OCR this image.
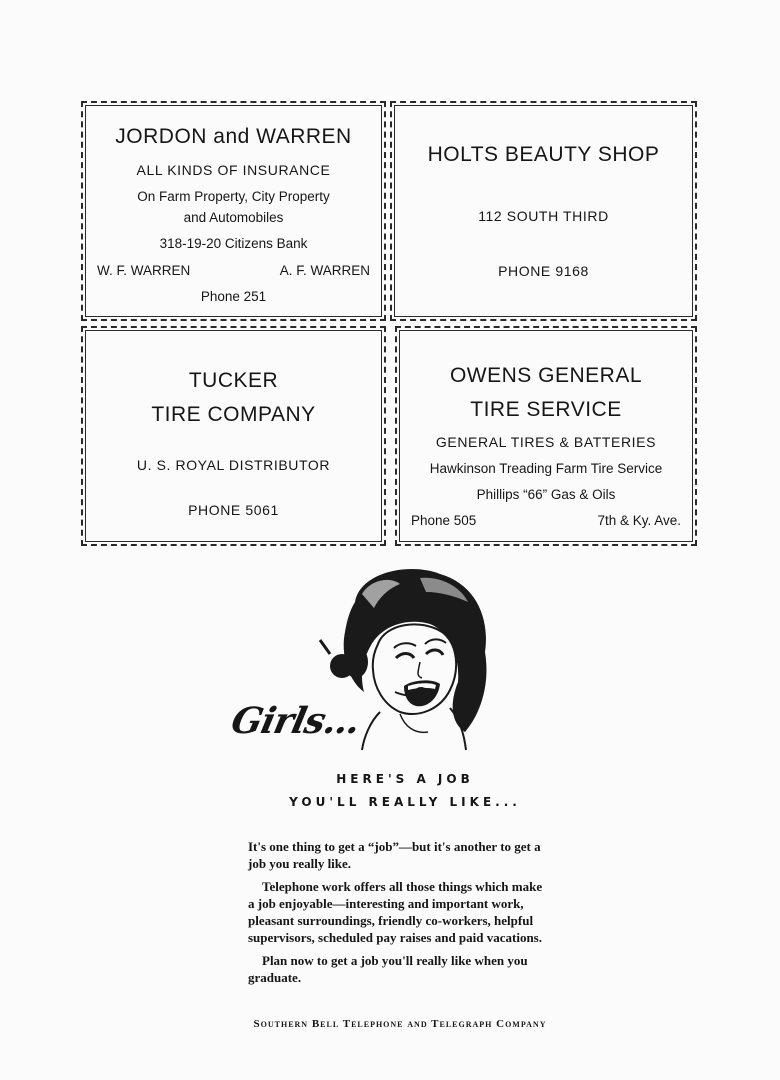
JORDON and WARREN
ALL KINDS OF INSURANCE
On Farm Property, City Property
and Automobiles
318-19-20 Citizens Bank
W. F. WARREN	A. F. WARREN
Phone 251
HOLTS BEAUTY SHOP
112 SOUTH THIRD
PHONE 9168
TUCKER
TIRE COMPANY
U. S. ROYAL DISTRIBUTOR
PHONE 5061
OWENS GENERAL
TIRE SERVICE
GENERAL TIRES & BATTERIES
Hawkinson Treading Farm Tire Service
Phillips “66” Gas & Oils
Phone 505	7th & Ky. Ave.
Girls...
HERE'S A JOB
YOU'LL REALLY LIKE...

It's one thing to get a “job”—but it's another to get a job you really like.

Telephone work offers all those things which make a job enjoyable—interesting and important work, pleasant surroundings, friendly co-workers, helpful supervisors, scheduled pay raises and paid vacations.

Plan now to get a job you'll really like when you graduate.

Southern Bell Telephone and Telegraph Company
